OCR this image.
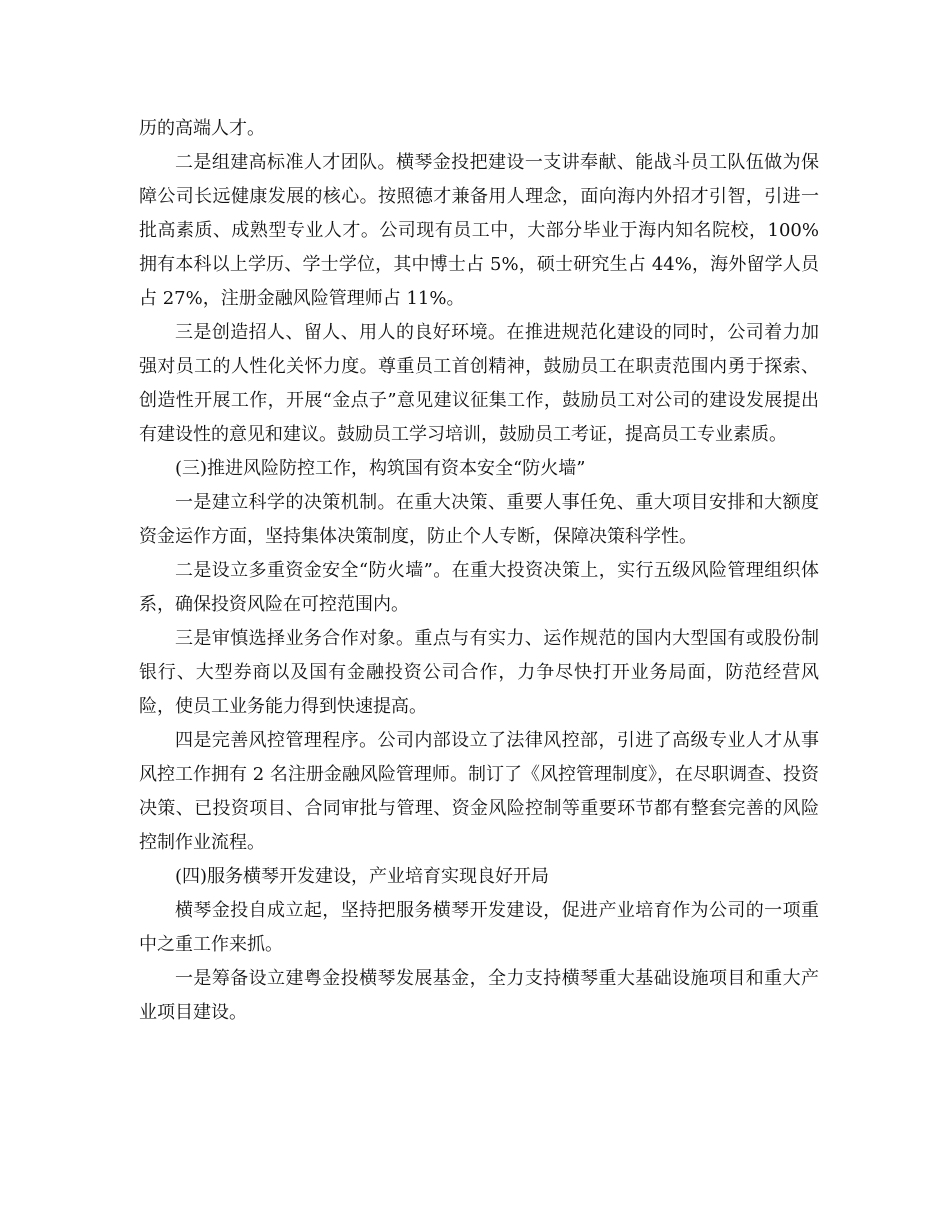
历的高端人才。

二是组建高标准人才团队。横琴金投把建设一支讲奉献、能战斗员工队伍做为保障公司长远健康发展的核心。按照德才兼备用人理念，面向海内外招才引智，引进一批高素质、成熟型专业人才。公司现有员工中，大部分毕业于海内知名院校，100%拥有本科以上学历、学士学位，其中博士占 5%，硕士研究生占 44%，海外留学人员占 27%，注册金融风险管理师占 11%。

三是创造招人、留人、用人的良好环境。在推进规范化建设的同时，公司着力加强对员工的人性化关怀力度。尊重员工首创精神，鼓励员工在职责范围内勇于探索、创造性开展工作，开展“金点子”意见建议征集工作，鼓励员工对公司的建设发展提出有建设性的意见和建议。鼓励员工学习培训，鼓励员工考证，提高员工专业素质。

(三)推进风险防控工作，构筑国有资本安全“防火墙”

一是建立科学的决策机制。在重大决策、重要人事任免、重大项目安排和大额度资金运作方面，坚持集体决策制度，防止个人专断，保障决策科学性。

二是设立多重资金安全“防火墙”。在重大投资决策上，实行五级风险管理组织体系，确保投资风险在可控范围内。

三是审慎选择业务合作对象。重点与有实力、运作规范的国内大型国有或股份制银行、大型券商以及国有金融投资公司合作，力争尽快打开业务局面，防范经营风险，使员工业务能力得到快速提高。

四是完善风控管理程序。公司内部设立了法律风控部，引进了高级专业人才从事风控工作拥有 2 名注册金融风险管理师。制订了《风控管理制度》，在尽职调查、投资决策、已投资项目、合同审批与管理、资金风险控制等重要环节都有整套完善的风险控制作业流程。

(四)服务横琴开发建设，产业培育实现良好开局

横琴金投自成立起，坚持把服务横琴开发建设，促进产业培育作为公司的一项重中之重工作来抓。

一是筹备设立建粤金投横琴发展基金，全力支持横琴重大基础设施项目和重大产业项目建设。
